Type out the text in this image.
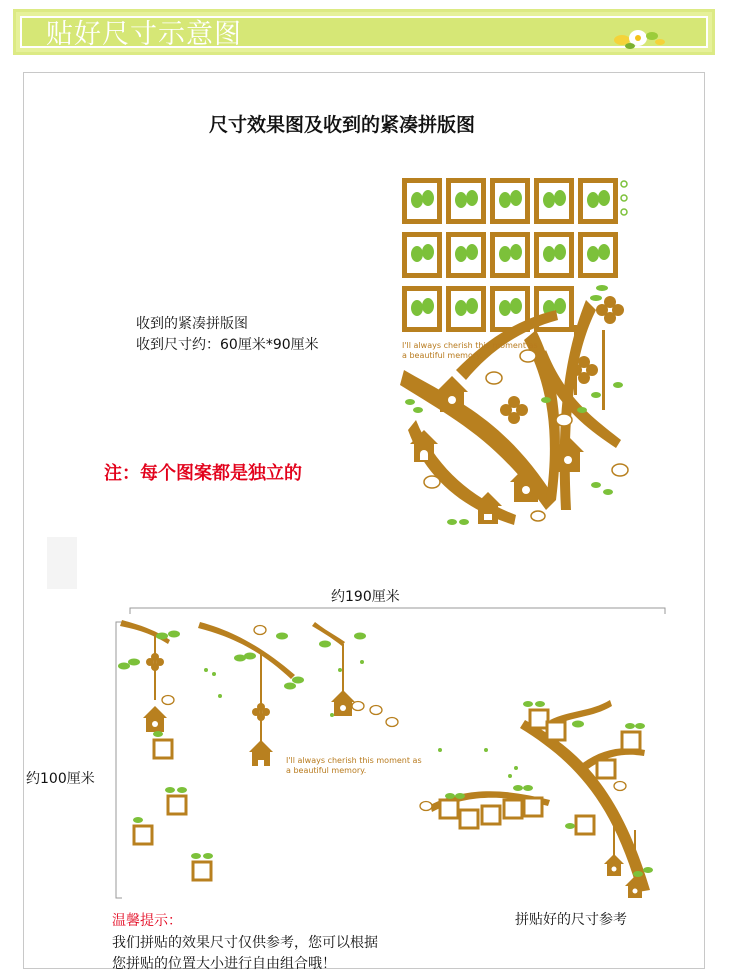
贴好尺寸示意图
尺寸效果图及收到的紧凑拼版图
收到的紧凑拼版图
收到尺寸约：60厘米*90厘米
注：每个图案都是独立的
I'll always cherish this moment as
a beautiful memory.
I'll always cherish this moment as
a beautiful memory.
约190厘米
约100厘米
拼贴好的尺寸参考
温馨提示：
我们拼贴的效果尺寸仅供参考，您可以根据
您拼贴的位置大小进行自由组合哦！
